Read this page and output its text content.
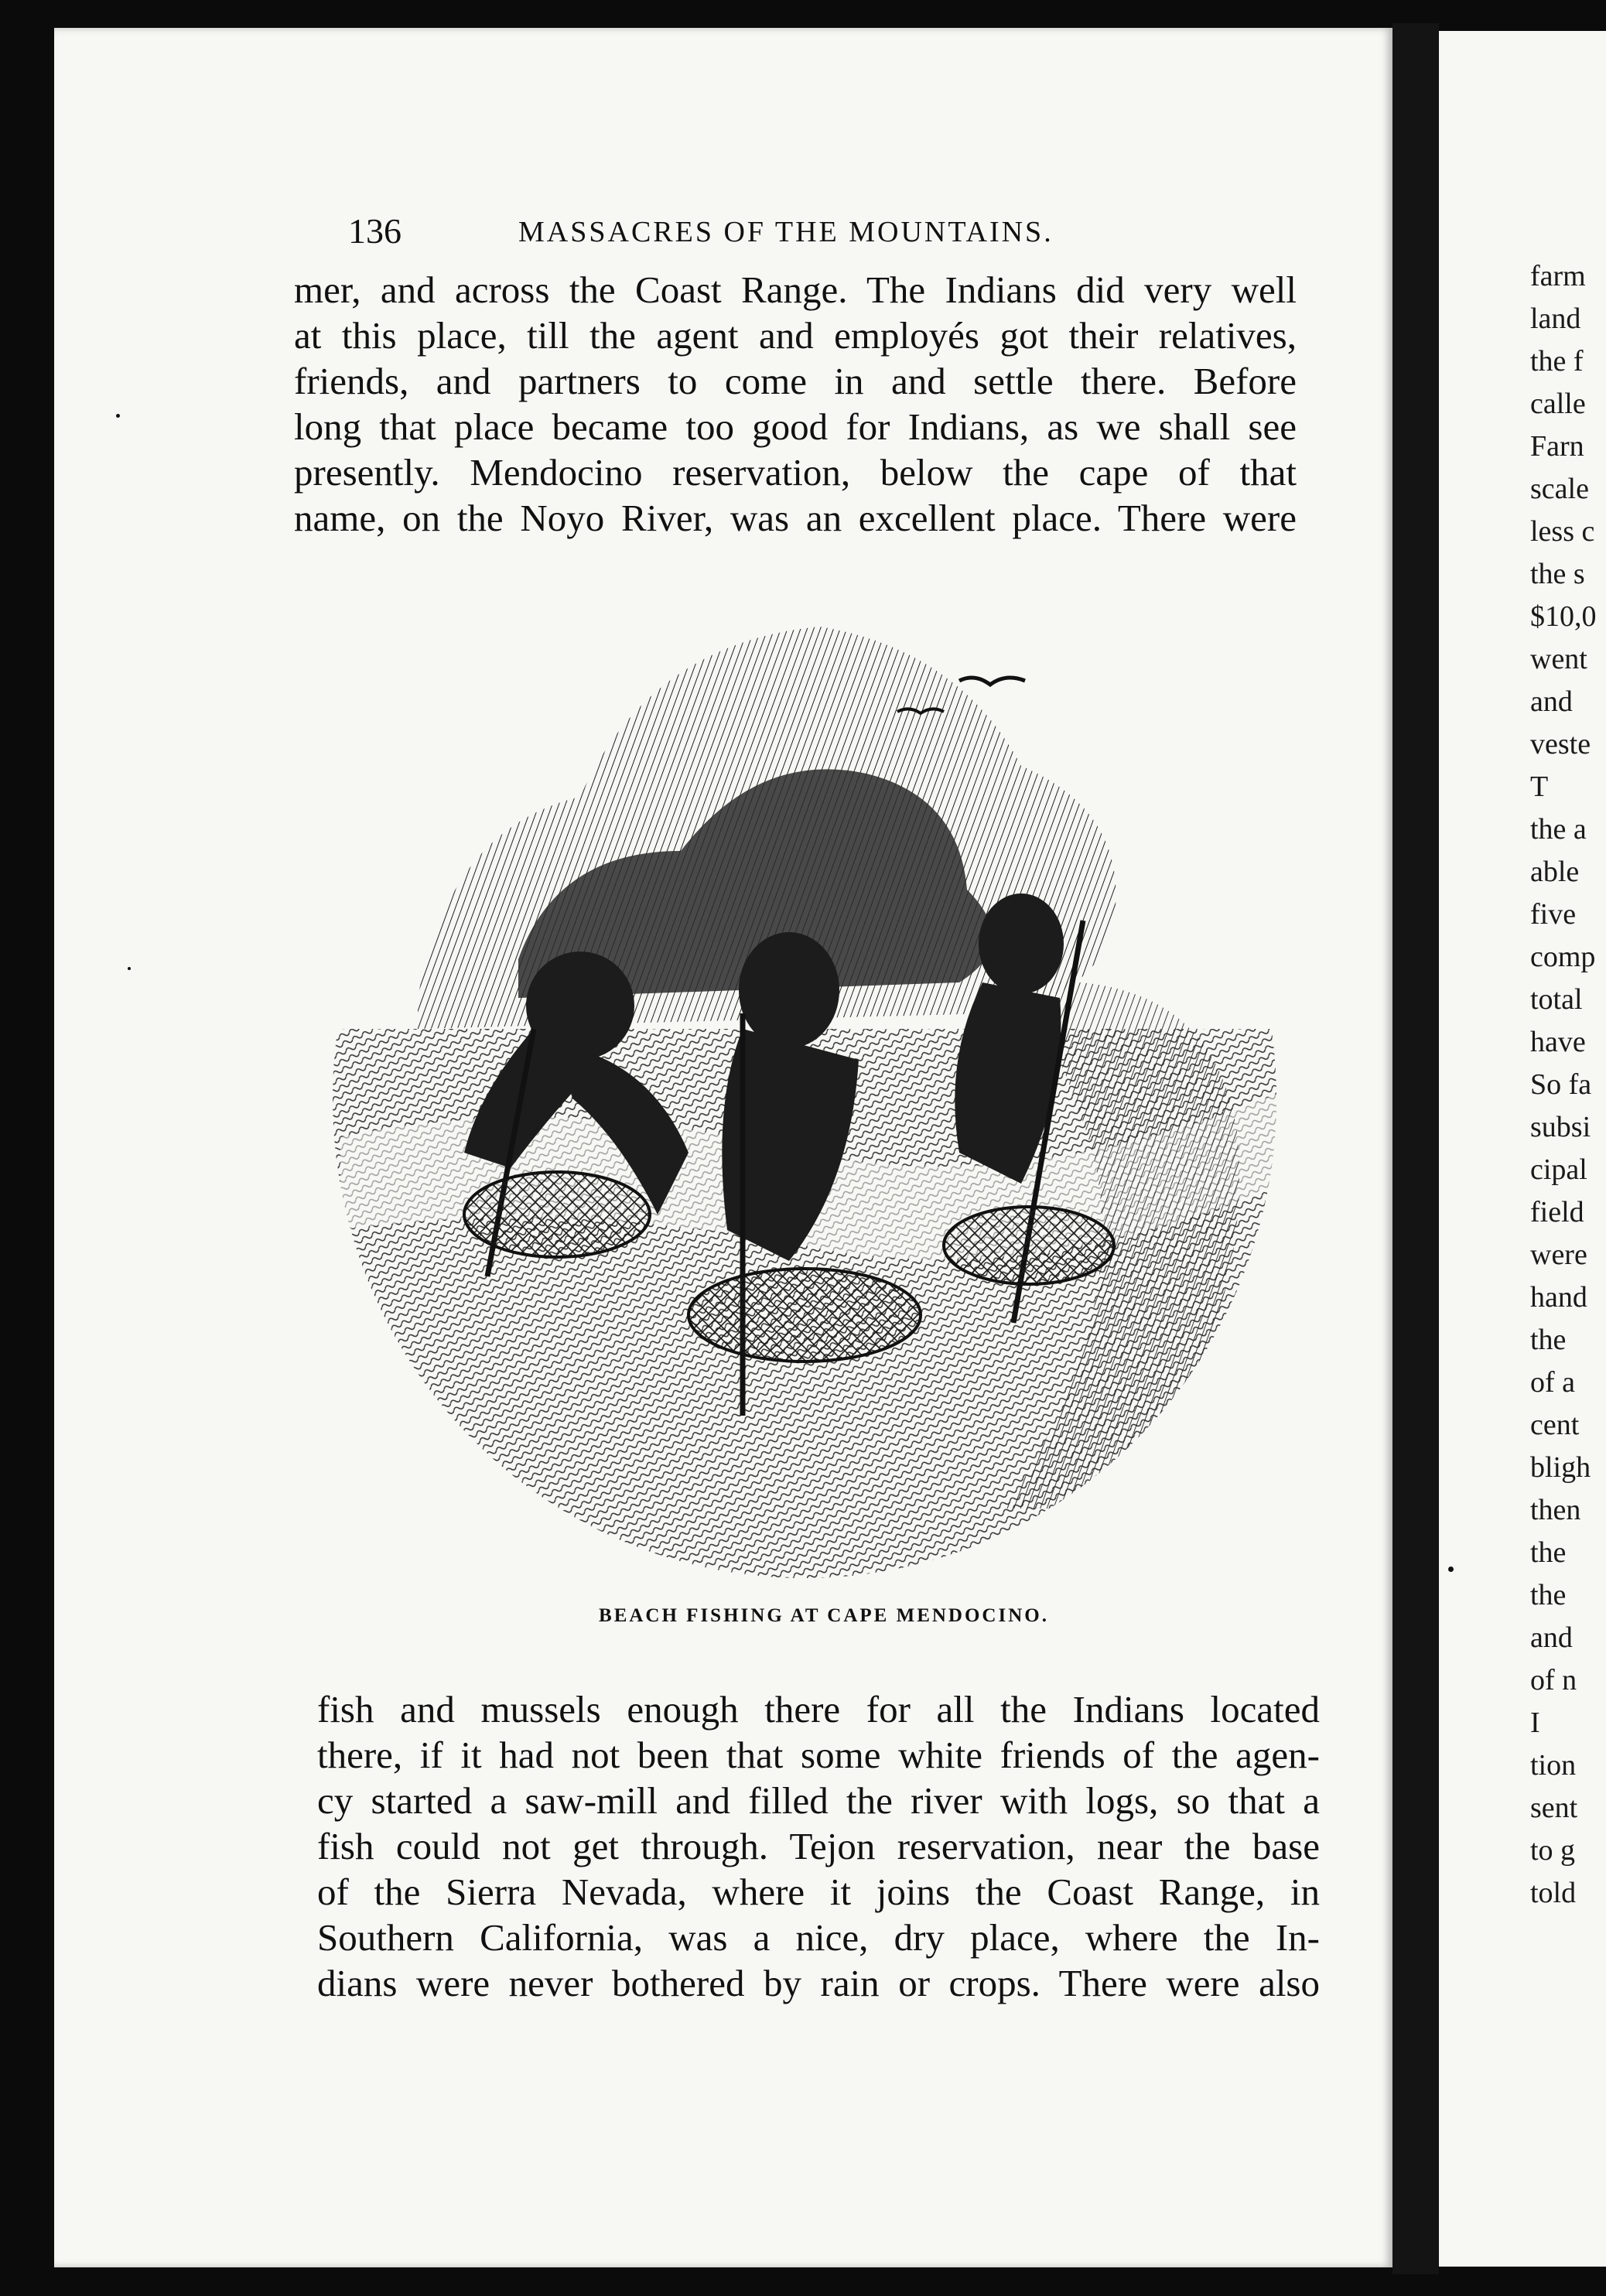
136	MASSACRES OF THE MOUNTAINS.
mer, and across the Coast Range. The Indians did very well
at this place, till the agent and employés got their relatives,
friends, and partners to come in and settle there. Before
long that place became too good for Indians, as we shall see
presently. Mendocino reservation, below the cape of that
name, on the Noyo River, was an excellent place. There were
BEACH FISHING AT CAPE MENDOCINO.
fish and mussels enough there for all the Indians located
there, if it had not been that some white friends of the agen-
cy started a saw-mill and filled the river with logs, so that a
fish could not get through. Tejon reservation, near the base
of the Sierra Nevada, where it joins the Coast Range, in
Southern California, was a nice, dry place, where the In-
dians were never bothered by rain or crops. There were also
farm
land
the f
calle
Farn
scale
less c
the s
$10,0
went
and
veste
T
the a
able
five
comp
total
have
So fa
subsi
cipal
field
were
hand
the
of a
cent
bligh
then
the
the
and
of n
I
tion
sent
to g
told
